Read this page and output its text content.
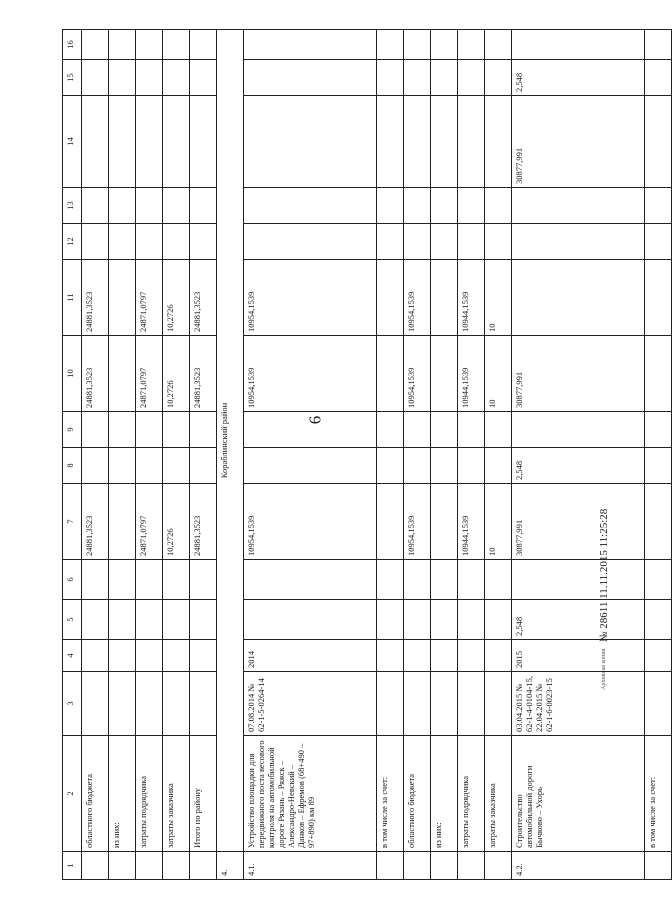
6
Архивная копия № 28611 11.11.2015 11:25:28
1	2	3	4	5	6	7	8	9	10	11	12	13	14	15	16
	областного бюджета					24881,3523			24881,3523	24881,3523					
	из них:														
	затраты подрядчика					24871,0797			24871,0797	24871,0797					
	затраты заказчика					10,2726			10,2726	10,2726					
	Итого по району					24881,3523			24881,3523	24881,3523					
4.	Кораблинский район														
4.1.	Устройство площадки для передвижного поста весового контроля на автомобильной дороге Рязань – Ряжск – Александро-Невский – Данков – Ефремов (68+490 – 97+890) км 89	07.08.2014 № 62-1-5-0264-14	2014			10954,1539			10954,1539	10954,1539					
	в том числе за счет:														
	областного бюджета					10954,1539			10954,1539	10954,1539					
	из них:														
	затраты подрядчика					10944,1539			10944,1539	10944,1539					
	затраты заказчика					10			10	10					
4.2.	Строительство автомобильной дороги Бычково – Ухорь	03.04.2015 № 62-1-4-0104-15, 22.04.2015 № 62-1-6-0023-15	2015	2,548		30877,991	2,548		30877,991				30877,991	2,548	
	в том числе за счет:														
